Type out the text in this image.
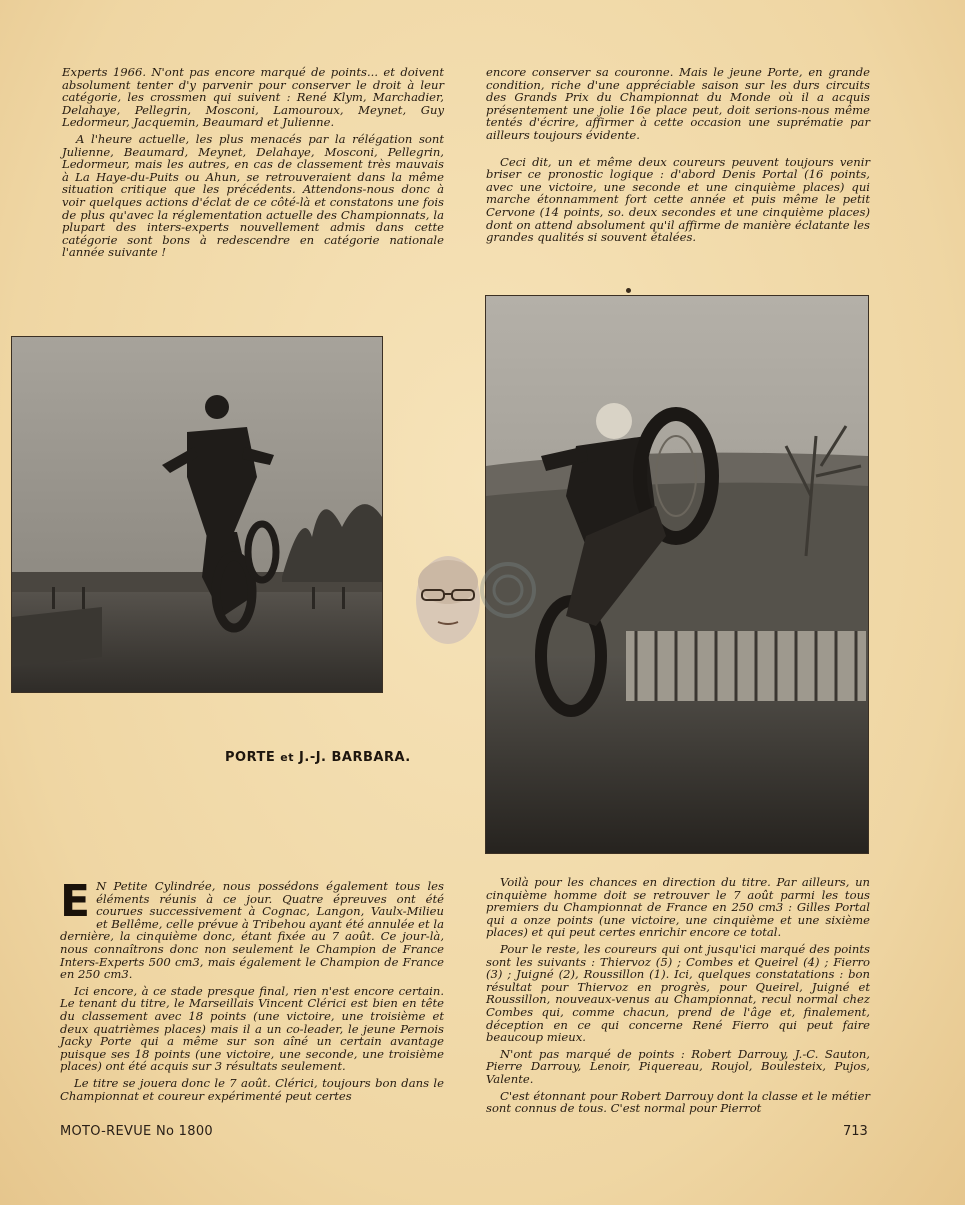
Experts 1966. N'ont pas encore marqué de points... et doivent absolument tenter d'y parvenir pour conserver le droit à leur catégorie, les crossmen qui suivent : René Klym, Marchadier, Delahaye, Pellegrin, Mosconi, Lamouroux, Meynet, Guy Ledormeur, Jacquemin, Beaumard et Julienne.

A l'heure actuelle, les plus menacés par la rélégation sont Julienne, Beaumard, Meynet, Delahaye, Mosconi, Pellegrin, Ledormeur, mais les autres, en cas de classement très mauvais à La Haye-du-Puits ou Ahun, se retrouveraient dans la même situation critique que les précédents. Attendons-nous donc à voir quelques actions d'éclat de ce côté-là et constatons une fois de plus qu'avec la réglementation actuelle des Championnats, la plupart des inters-experts nouvellement admis dans cette catégorie sont bons à redescendre en catégorie nationale l'année suivante !

encore conserver sa couronne. Mais le jeune Porte, en grande condition, riche d'une appréciable saison sur les durs circuits des Grands Prix du Championnat du Monde où il a acquis présentement une jolie 16e place peut, doit serions-nous même tentés d'écrire, affirmer à cette occasion une suprématie par ailleurs toujours évidente.

Ceci dit, un et même deux coureurs peuvent toujours venir briser ce pronostic logique : d'abord Denis Portal (16 points, avec une victoire, une seconde et une cinquième places) qui marche étonnamment fort cette année et puis même le petit Cervone (14 points, so. deux secondes et une cinquième places) dont on attend absolument qu'il affirme de manière éclatante les grandes qualités si souvent étalées.

PORTE et J.-J. BARBARA.
E N Petite Cylindrée, nous possédons également tous les éléments réunis à ce jour. Quatre épreuves ont été courues successivement à Cognac, Langon, Vaulx-Milieu et Bellême, celle prévue à Tribehou ayant été annulée et la dernière, la cinquième donc, étant fixée au 7 août. Ce jour-là, nous connaîtrons donc non seulement le Champion de France Inters-Experts 500 cm3, mais également le Champion de France en 250 cm3.

Ici encore, à ce stade presque final, rien n'est encore certain. Le tenant du titre, le Marseillais Vincent Clérici est bien en tête du classement avec 18 points (une victoire, une troisième et deux quatrièmes places) mais il a un co-leader, le jeune Pernois Jacky Porte qui a même sur son aîné un certain avantage puisque ses 18 points (une victoire, une seconde, une troisième places) ont été acquis sur 3 résultats seulement.

Le titre se jouera donc le 7 août. Clérici, toujours bon dans le Championnat et coureur expérimenté peut certes

Voilà pour les chances en direction du titre. Par ailleurs, un cinquième homme doit se retrouver le 7 août parmi les tous premiers du Championnat de France en 250 cm3 : Gilles Portal qui a onze points (une victoire, une cinquième et une sixième places) et qui peut certes enrichir encore ce total.

Pour le reste, les coureurs qui ont jusqu'ici marqué des points sont les suivants : Thiervoz (5) ; Combes et Queirel (4) ; Fierro (3) ; Juigné (2), Roussillon (1). Ici, quelques constatations : bon résultat pour Thiervoz en progrès, pour Queirel, Juigné et Roussillon, nouveaux-venus au Championnat, recul normal chez Combes qui, comme chacun, prend de l'âge et, finalement, déception en ce qui concerne René Fierro qui peut faire beaucoup mieux.

N'ont pas marqué de points : Robert Darrouy, J.-C. Sauton, Pierre Darrouy, Lenoir, Piquereau, Roujol, Boulesteix, Pujos, Valente.

C'est étonnant pour Robert Darrouy dont la classe et le métier sont connus de tous. C'est normal pour Pierrot

MOTO-REVUE No 1800	713
